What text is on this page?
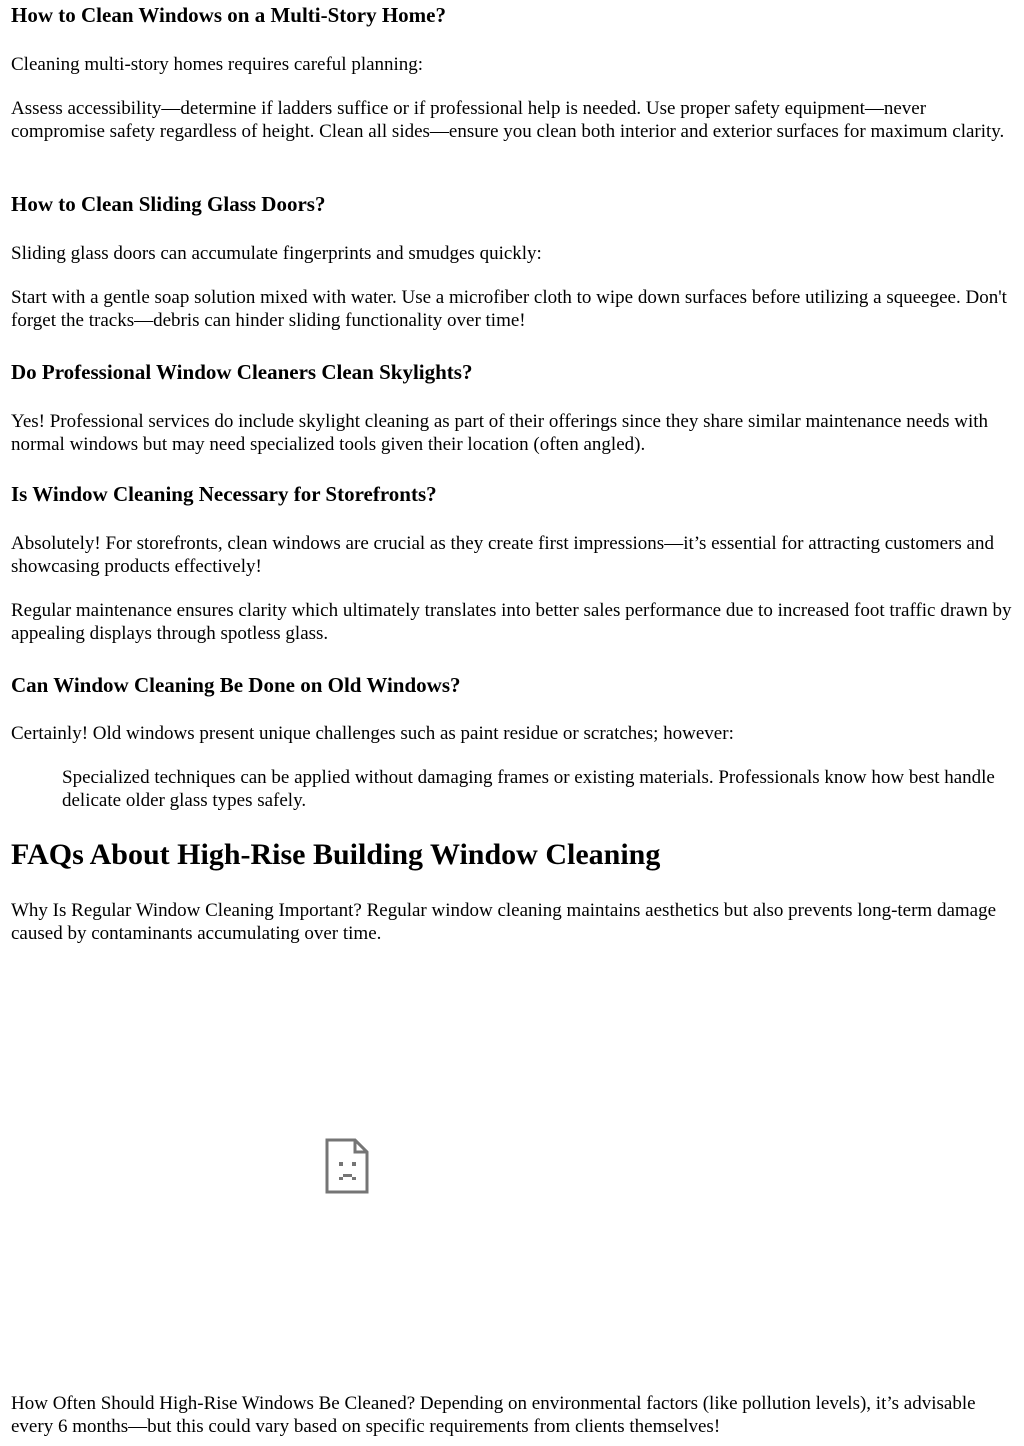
How to Clean Windows on a Multi-Story Home?

Cleaning multi-story homes requires careful planning:

Assess accessibility—determine if ladders suffice or if professional help is needed. Use proper safety equipment—never compromise safety regardless of height. Clean all sides—ensure you clean both interior and exterior surfaces for maximum clarity.

How to Clean Sliding Glass Doors?

Sliding glass doors can accumulate fingerprints and smudges quickly:

Start with a gentle soap solution mixed with water. Use a microfiber cloth to wipe down surfaces before utilizing a squeegee. Don't forget the tracks—debris can hinder sliding functionality over time!

Do Professional Window Cleaners Clean Skylights?

Yes! Professional services do include skylight cleaning as part of their offerings since they share similar maintenance needs with normal windows but may need specialized tools given their location (often angled).

Is Window Cleaning Necessary for Storefronts?

Absolutely! For storefronts, clean windows are crucial as they create first impressions—it’s essential for attracting customers and showcasing products effectively!

Regular maintenance ensures clarity which ultimately translates into better sales performance due to increased foot traffic drawn by appealing displays through spotless glass.

Can Window Cleaning Be Done on Old Windows?

Certainly! Old windows present unique challenges such as paint residue or scratches; however:

Specialized techniques can be applied without damaging frames or existing materials. Professionals know how best handle delicate older glass types safely.
FAQs About High-Rise Building Window Cleaning

Why Is Regular Window Cleaning Important? Regular window cleaning maintains aesthetics but also prevents long-term damage caused by contaminants accumulating over time.

How Often Should High-Rise Windows Be Cleaned? Depending on environmental factors (like pollution levels), it’s advisable every 6 months—but this could vary based on specific requirements from clients themselves!
